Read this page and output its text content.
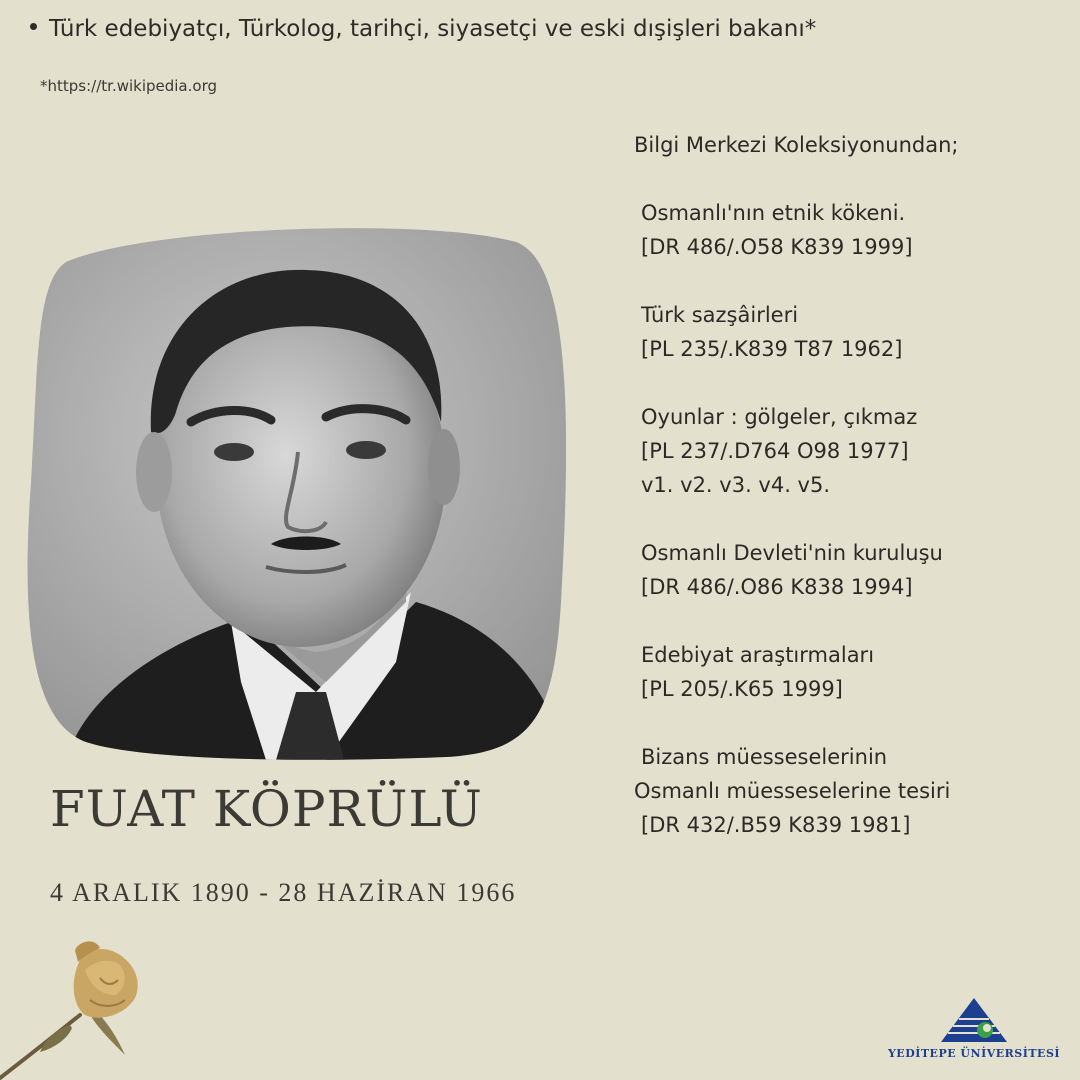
Türk edebiyatçı, Türkolog, tarihçi, siyasetçi ve eski dışişleri bakanı*
*https://tr.wikipedia.org
FUAT KÖPRÜLÜ
4 ARALIK 1890 - 28 HAZİRAN 1966
Bilgi Merkezi Koleksiyonundan;
Osmanlı'nın etnik kökeni.
[DR 486/.O58 K839 1999]
Türk sazşâirleri
[PL 235/.K839 T87 1962]
Oyunlar : gölgeler, çıkmaz
[PL 237/.D764 O98 1977]
v1. v2. v3. v4. v5.
Osmanlı Devleti'nin kuruluşu
[DR 486/.O86 K838 1994]
Edebiyat araştırmaları
[PL 205/.K65 1999]
Bizans müesseselerinin
Osmanlı müesseselerine tesiri
[DR 432/.B59 K839 1981]
YEDİTEPE ÜNİVERSİTESİ
